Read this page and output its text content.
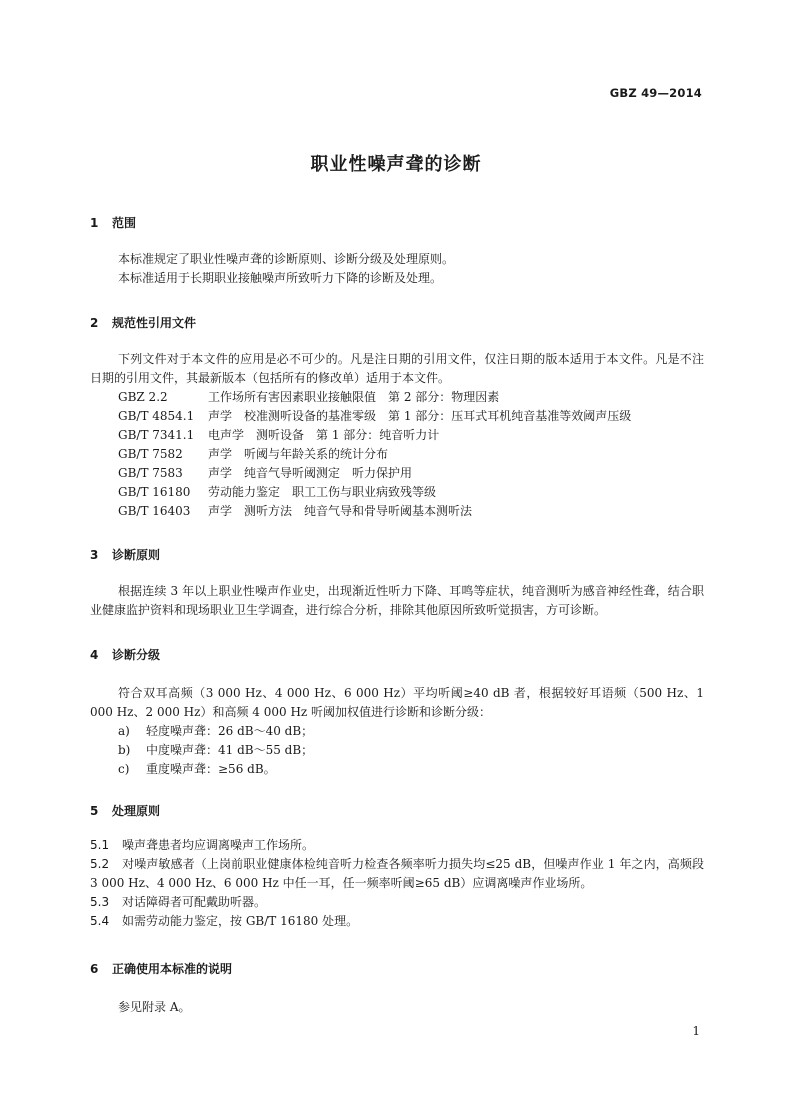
GBZ 49—2014
职业性噪声聋的诊断
1 范围

本标准规定了职业性噪声聋的诊断原则、诊断分级及处理原则。

本标准适用于长期职业接触噪声所致听力下降的诊断及处理。

2 规范性引用文件

下列文件对于本文件的应用是必不可少的。凡是注日期的引用文件，仅注日期的版本适用于本文件。凡是不注日期的引用文件，其最新版本（包括所有的修改单）适用于本文件。

GBZ 2.2	工作场所有害因素职业接触限值　第 2 部分：物理因素

GB/T 4854.1 声学　校准测听设备的基准零级　第 1 部分：压耳式耳机纯音基准等效阈声压级

GB/T 7341.1 电声学　测听设备　第 1 部分：纯音听力计

GB/T 7582 声学　听阈与年龄关系的统计分布

GB/T 7583 声学　纯音气导听阈测定　听力保护用

GB/T 16180 劳动能力鉴定　职工工伤与职业病致残等级

GB/T 16403 声学　测听方法　纯音气导和骨导听阈基本测听法

3 诊断原则

根据连续 3 年以上职业性噪声作业史，出现渐近性听力下降、耳鸣等症状，纯音测听为感音神经性聋，结合职业健康监护资料和现场职业卫生学调查，进行综合分析，排除其他原因所致听觉损害，方可诊断。

4 诊断分级

符合双耳高频（3 000 Hz、4 000 Hz、6 000 Hz）平均听阈≥40 dB 者，根据较好耳语频（500 Hz、1 000 Hz、2 000 Hz）和高频 4 000 Hz 听阈加权值进行诊断和诊断分级：

a) 轻度噪声聋：26 dB～40 dB；

b) 中度噪声聋：41 dB～55 dB；

c) 重度噪声聋：≥56 dB。

5 处理原则

5.1 噪声聋患者均应调离噪声工作场所。

5.2 对噪声敏感者（上岗前职业健康体检纯音听力检查各频率听力损失均≤25 dB，但噪声作业 1 年之内，高频段 3 000 Hz、4 000 Hz、6 000 Hz 中任一耳，任一频率听阈≥65 dB）应调离噪声作业场所。

5.3 对话障碍者可配戴助听器。

5.4 如需劳动能力鉴定，按 GB/T 16180 处理。

6 正确使用本标准的说明

参见附录 A。

1
